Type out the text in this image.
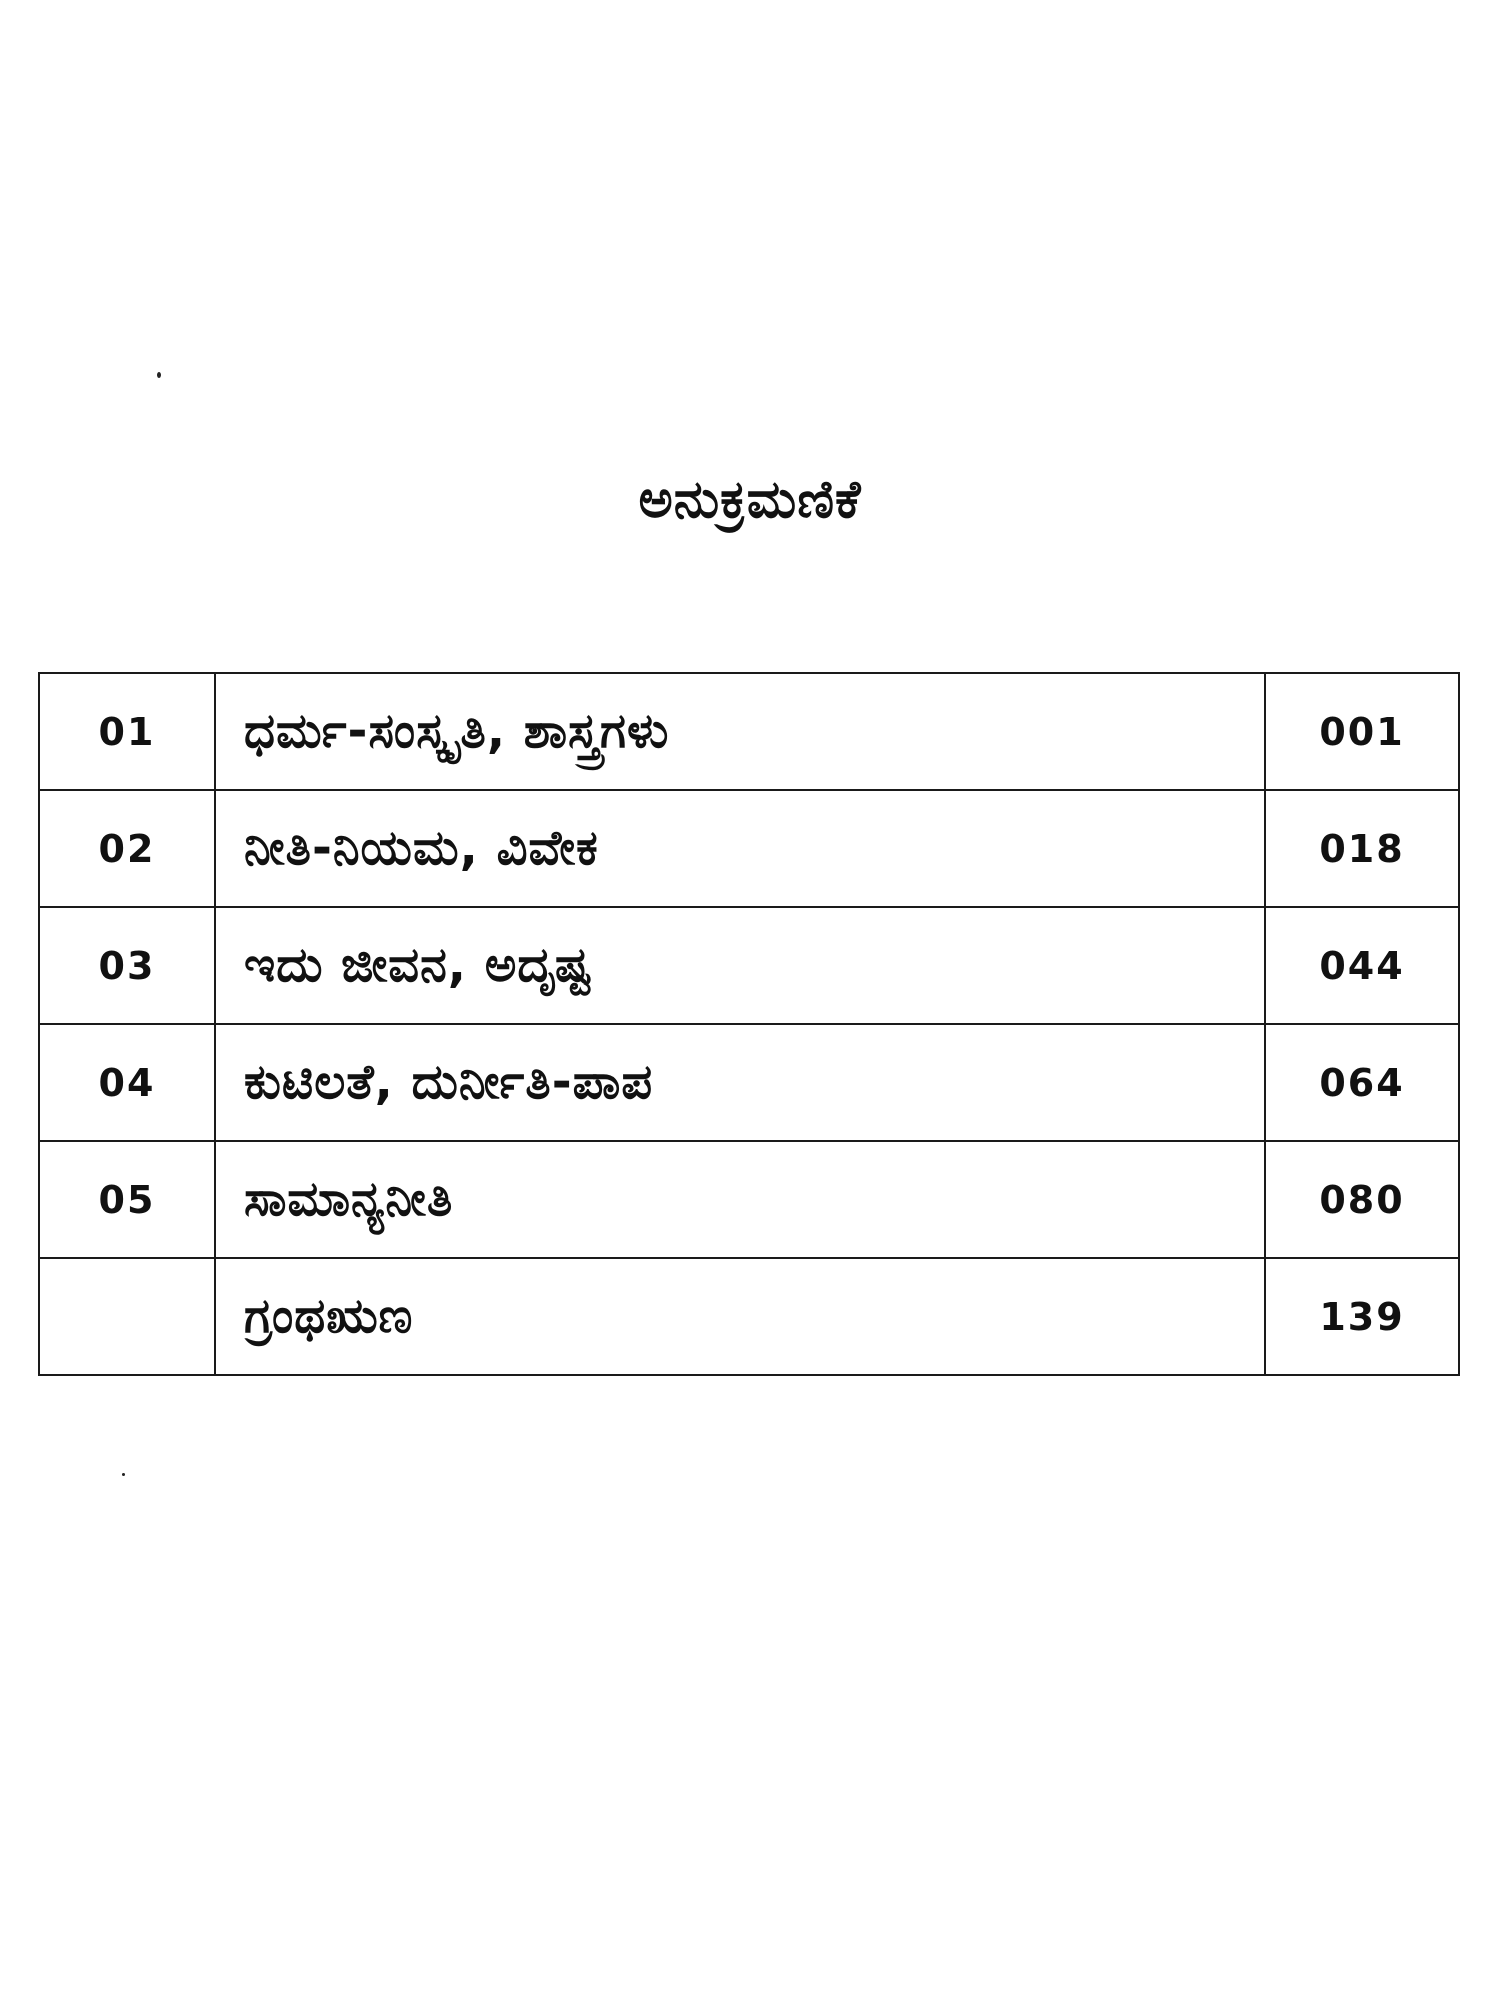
ಅನುಕ್ರಮಣಿಕೆ
01	ಧರ್ಮ-ಸಂಸ್ಕೃತಿ, ಶಾಸ್ತ್ರಗಳು	001
02	ನೀತಿ-ನಿಯಮ, ವಿವೇಕ	018
03	ಇದು ಜೀವನ, ಅದೃಷ್ಟ	044
04	ಕುಟಿಲತೆ, ದುರ್ನೀತಿ-ಪಾಪ	064
05	ಸಾಮಾನ್ಯನೀತಿ	080
	ಗ್ರಂಥಋಣ	139
